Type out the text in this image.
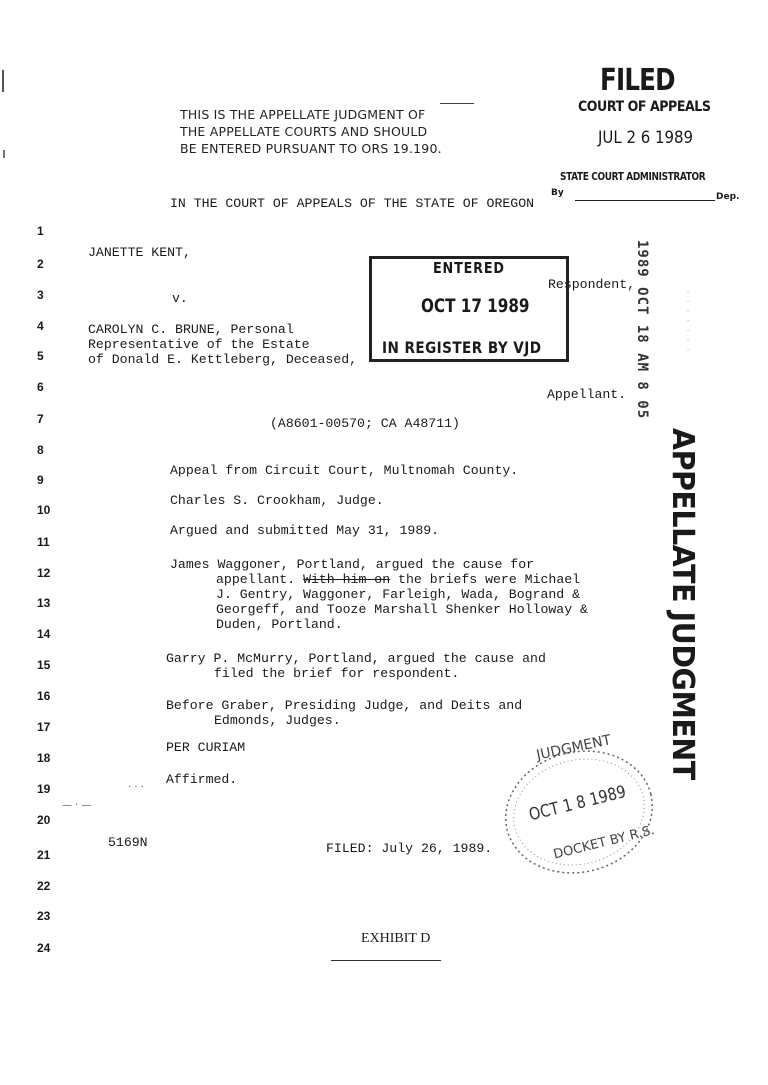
1
2
3
4
5
6
7
8
9
10
11
12
13
14
15
16
17
18
19
20
21
22
23
24
THIS IS THE APPELLATE JUDGMENT OF
THE APPELLATE COURTS AND SHOULD
BE ENTERED PURSUANT TO ORS 19.190.
FILED
COURT OF APPEALS
JUL 2 6 1989
STATE COURT ADMINISTRATOR
By	Dep.
IN THE COURT OF APPEALS OF THE STATE OF OREGON
JANETTE KENT,
Respondent,
v.
CAROLYN C. BRUNE, Personal
Representative of the Estate
of Donald E. Kettleberg, Deceased,
Appellant.
ENTERED
OCT 17 1989
IN REGISTER BY VJD	1989 OCT 18 AM 8 05	· · · · · · ·
(A8601-00570; CA A48711)
APPELLATE JUDGMENT
Appeal from Circuit Court, Multnomah County.
Charles S. Crookham, Judge.
Argued and submitted May 31, 1989.
James Waggoner, Portland, argued the cause for
appellant. With him on the briefs were Michael
J. Gentry, Waggoner, Farleigh, Wada, Bogrand &
Georgeff, and Tooze Marshall Shenker Holloway &
Duden, Portland.
Garry P. McMurry, Portland, argued the cause and
filed the brief for respondent.
Before Graber, Presiding Judge, and Deits and
Edmonds, Judges.
PER CURIAM
Affirmed.
— · —
· · ·
JUDGMENT
OCT 1 8 1989
DOCKET BY R.S.
5169N	FILED: July 26, 1989.
EXHIBIT D
